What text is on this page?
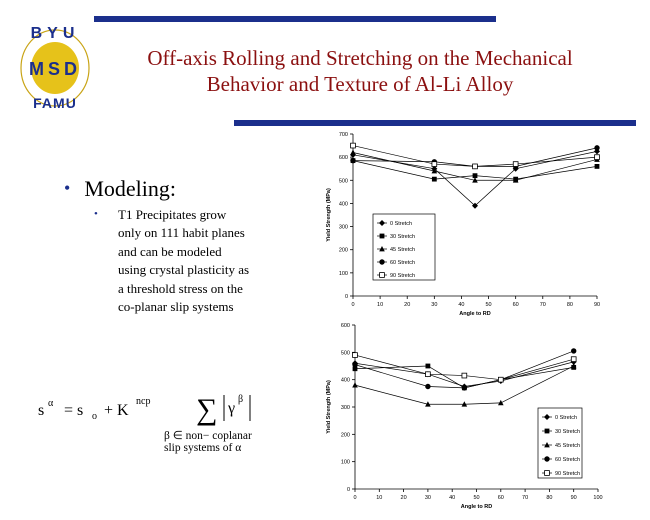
BYU
MSD
FAMU
Off-axis Rolling and Stretching on the Mechanical
Behavior and Texture of Al-Li Alloy
• Modeling:
• T1 Precipitates grow
only on 111 habit planes
and can be modeled
using crystal plasticity as
a threshold stress on the
co-planar slip systems
s α = s o + K
ncp ∑ γ
β
β ∈ non− coplanar
slip systems of α
0
100
200
300
400
500
600
700
0	10	20	30	40	50	60	70	80	90
Angle to RD
Yield Strength (MPa)	0 Stretch
30 Stretch
45 Stretch
60 Stretch
90 Stretch
0
100
200
300
400
500
600
0	10	20	30	40	50	60	70	80	90	100
Angle to RD
Yield Strength (MPa)	0 Stretch
30 Stretch
45 Stretch
60 Stretch
90 Stretch
